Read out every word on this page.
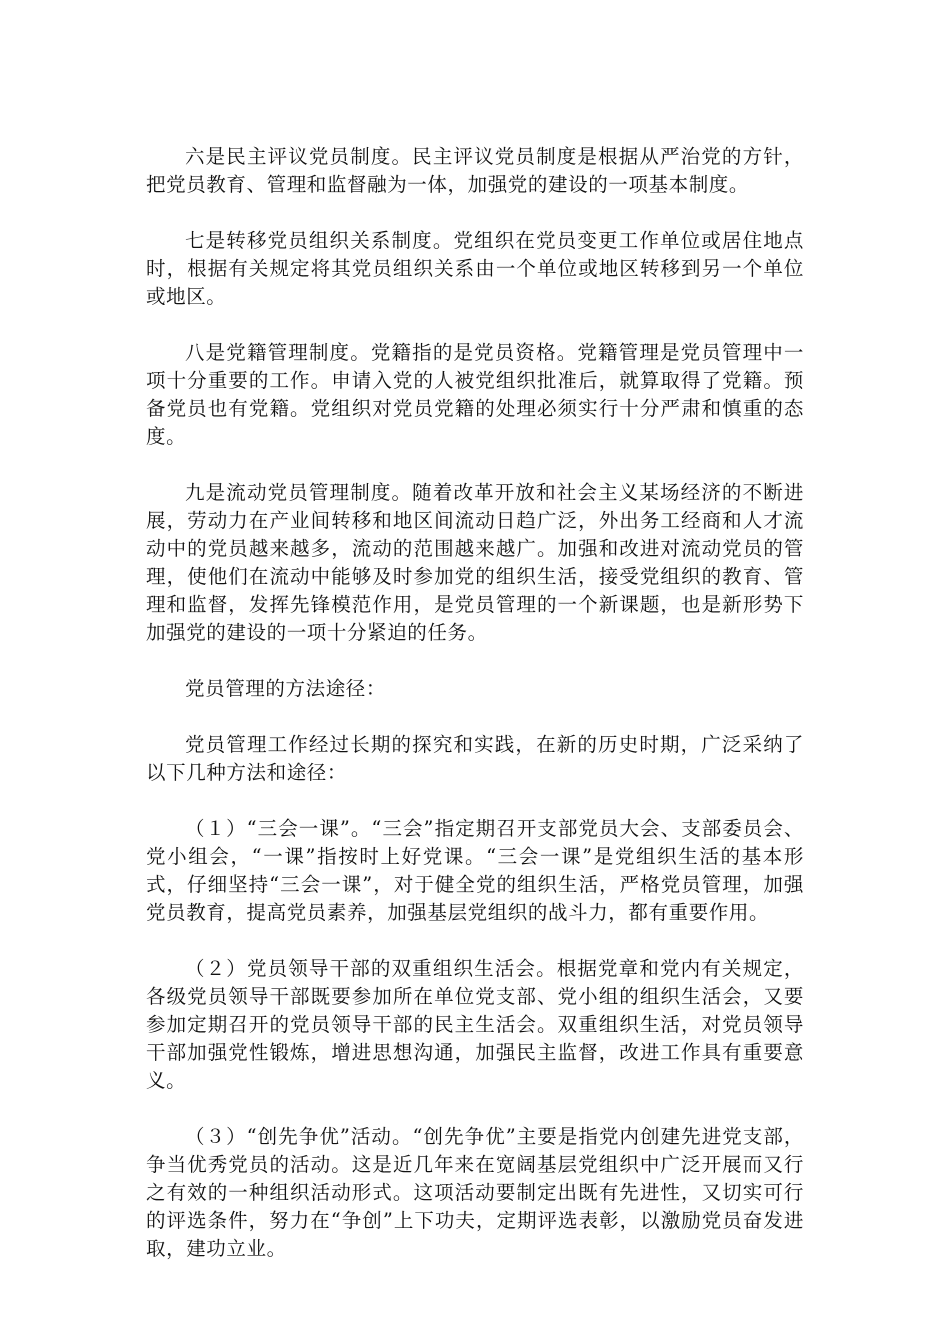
六是民主评议党员制度。民主评议党员制度是根据从严治党的方针，把党员教育、管理和监督融为一体，加强党的建设的一项基本制度。

七是转移党员组织关系制度。党组织在党员变更工作单位或居住地点时，根据有关规定将其党员组织关系由一个单位或地区转移到另一个单位或地区。

八是党籍管理制度。党籍指的是党员资格。党籍管理是党员管理中一项十分重要的工作。申请入党的人被党组织批准后，就算取得了党籍。预备党员也有党籍。党组织对党员党籍的处理必须实行十分严肃和慎重的态度。

九是流动党员管理制度。随着改革开放和社会主义某场经济的不断进展，劳动力在产业间转移和地区间流动日趋广泛，外出务工经商和人才流动中的党员越来越多，流动的范围越来越广。加强和改进对流动党员的管理，使他们在流动中能够及时参加党的组织生活，接受党组织的教育、管理和监督，发挥先锋模范作用，是党员管理的一个新课题，也是新形势下加强党的建设的一项十分紧迫的任务。

党员管理的方法途径：

党员管理工作经过长期的探究和实践，在新的历史时期，广泛采纳了以下几种方法和途径：

（１）“三会一课”。“三会”指定期召开支部党员大会、支部委员会、党小组会，“一课”指按时上好党课。“三会一课”是党组织生活的基本形式，仔细坚持“三会一课”，对于健全党的组织生活，严格党员管理，加强党员教育，提高党员素养，加强基层党组织的战斗力，都有重要作用。

（２）党员领导干部的双重组织生活会。根据党章和党内有关规定，各级党员领导干部既要参加所在单位党支部、党小组的组织生活会，又要参加定期召开的党员领导干部的民主生活会。双重组织生活，对党员领导干部加强党性锻炼，增进思想沟通，加强民主监督，改进工作具有重要意义。

（３）“创先争优”活动。“创先争优”主要是指党内创建先进党支部，争当优秀党员的活动。这是近几年来在宽阔基层党组织中广泛开展而又行之有效的一种组织活动形式。这项活动要制定出既有先进性，又切实可行的评选条件，努力在“争创”上下功夫，定期评选表彰，以激励党员奋发进取，建功立业。
